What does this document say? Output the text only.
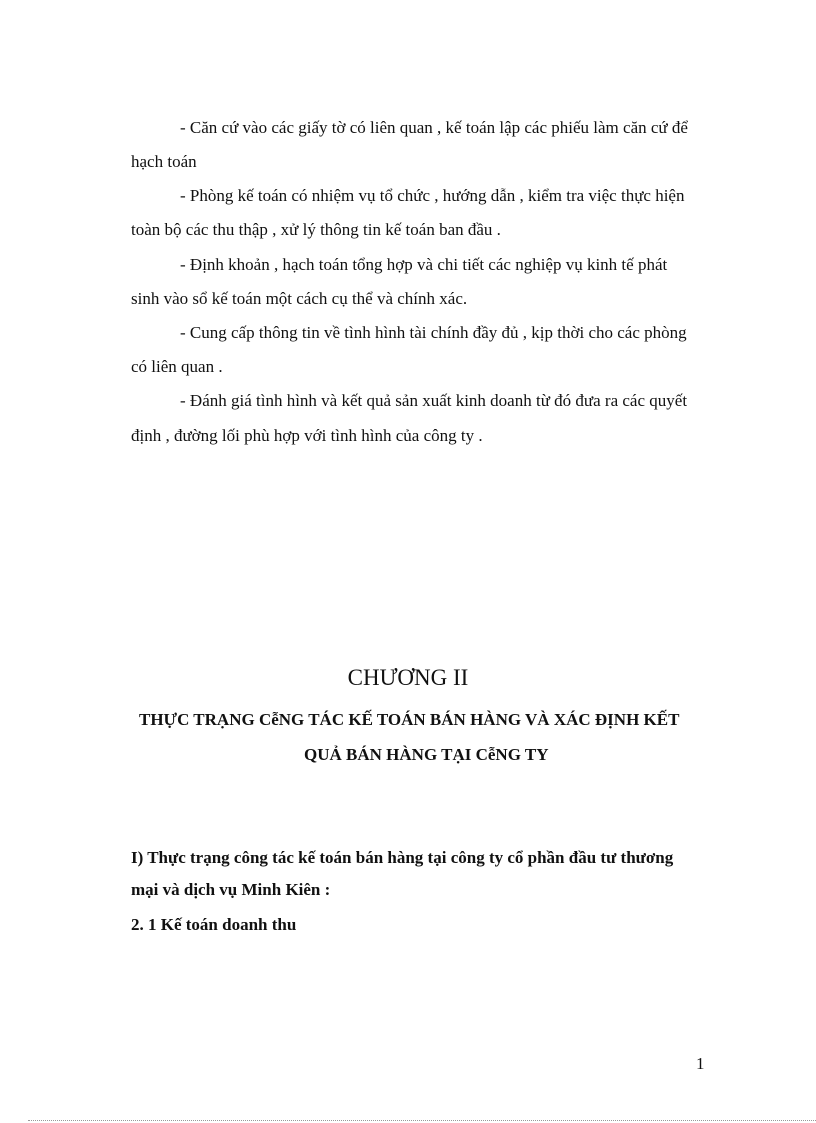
- Căn cứ vào các giấy tờ có liên quan , kế toán lập các phiếu làm căn cứ để
hạch toán
- Phòng kế toán có nhiệm vụ tổ chức , hướng dẫn , kiểm tra việc thực hiện
toàn bộ các thu thập , xử lý thông tin kế toán ban đầu .
- Định khoản , hạch toán tổng hợp và chi tiết các nghiệp vụ kinh tế phát
sinh vào sổ kế toán một cách cụ thể và chính xác.
- Cung cấp thông tin về tình hình tài chính đầy đủ , kịp thời cho các phòng
có liên quan .
- Đánh giá tình hình và kết quả sản xuất kinh doanh từ đó đưa ra các quyết
định , đường lối phù hợp với tình hình của công ty .
CHƯƠNG II
THỰC TRẠNG CễNG TÁC KẾ TOÁN BÁN HÀNG VÀ XÁC ĐỊNH KẾT
QUẢ BÁN HÀNG TẠI CễNG TY
I) Thực trạng công tác kế toán bán hàng tại công ty cổ phần đầu tư thương
mại và dịch vụ Minh Kiên :
2. 1 Kế toán doanh thu
1
